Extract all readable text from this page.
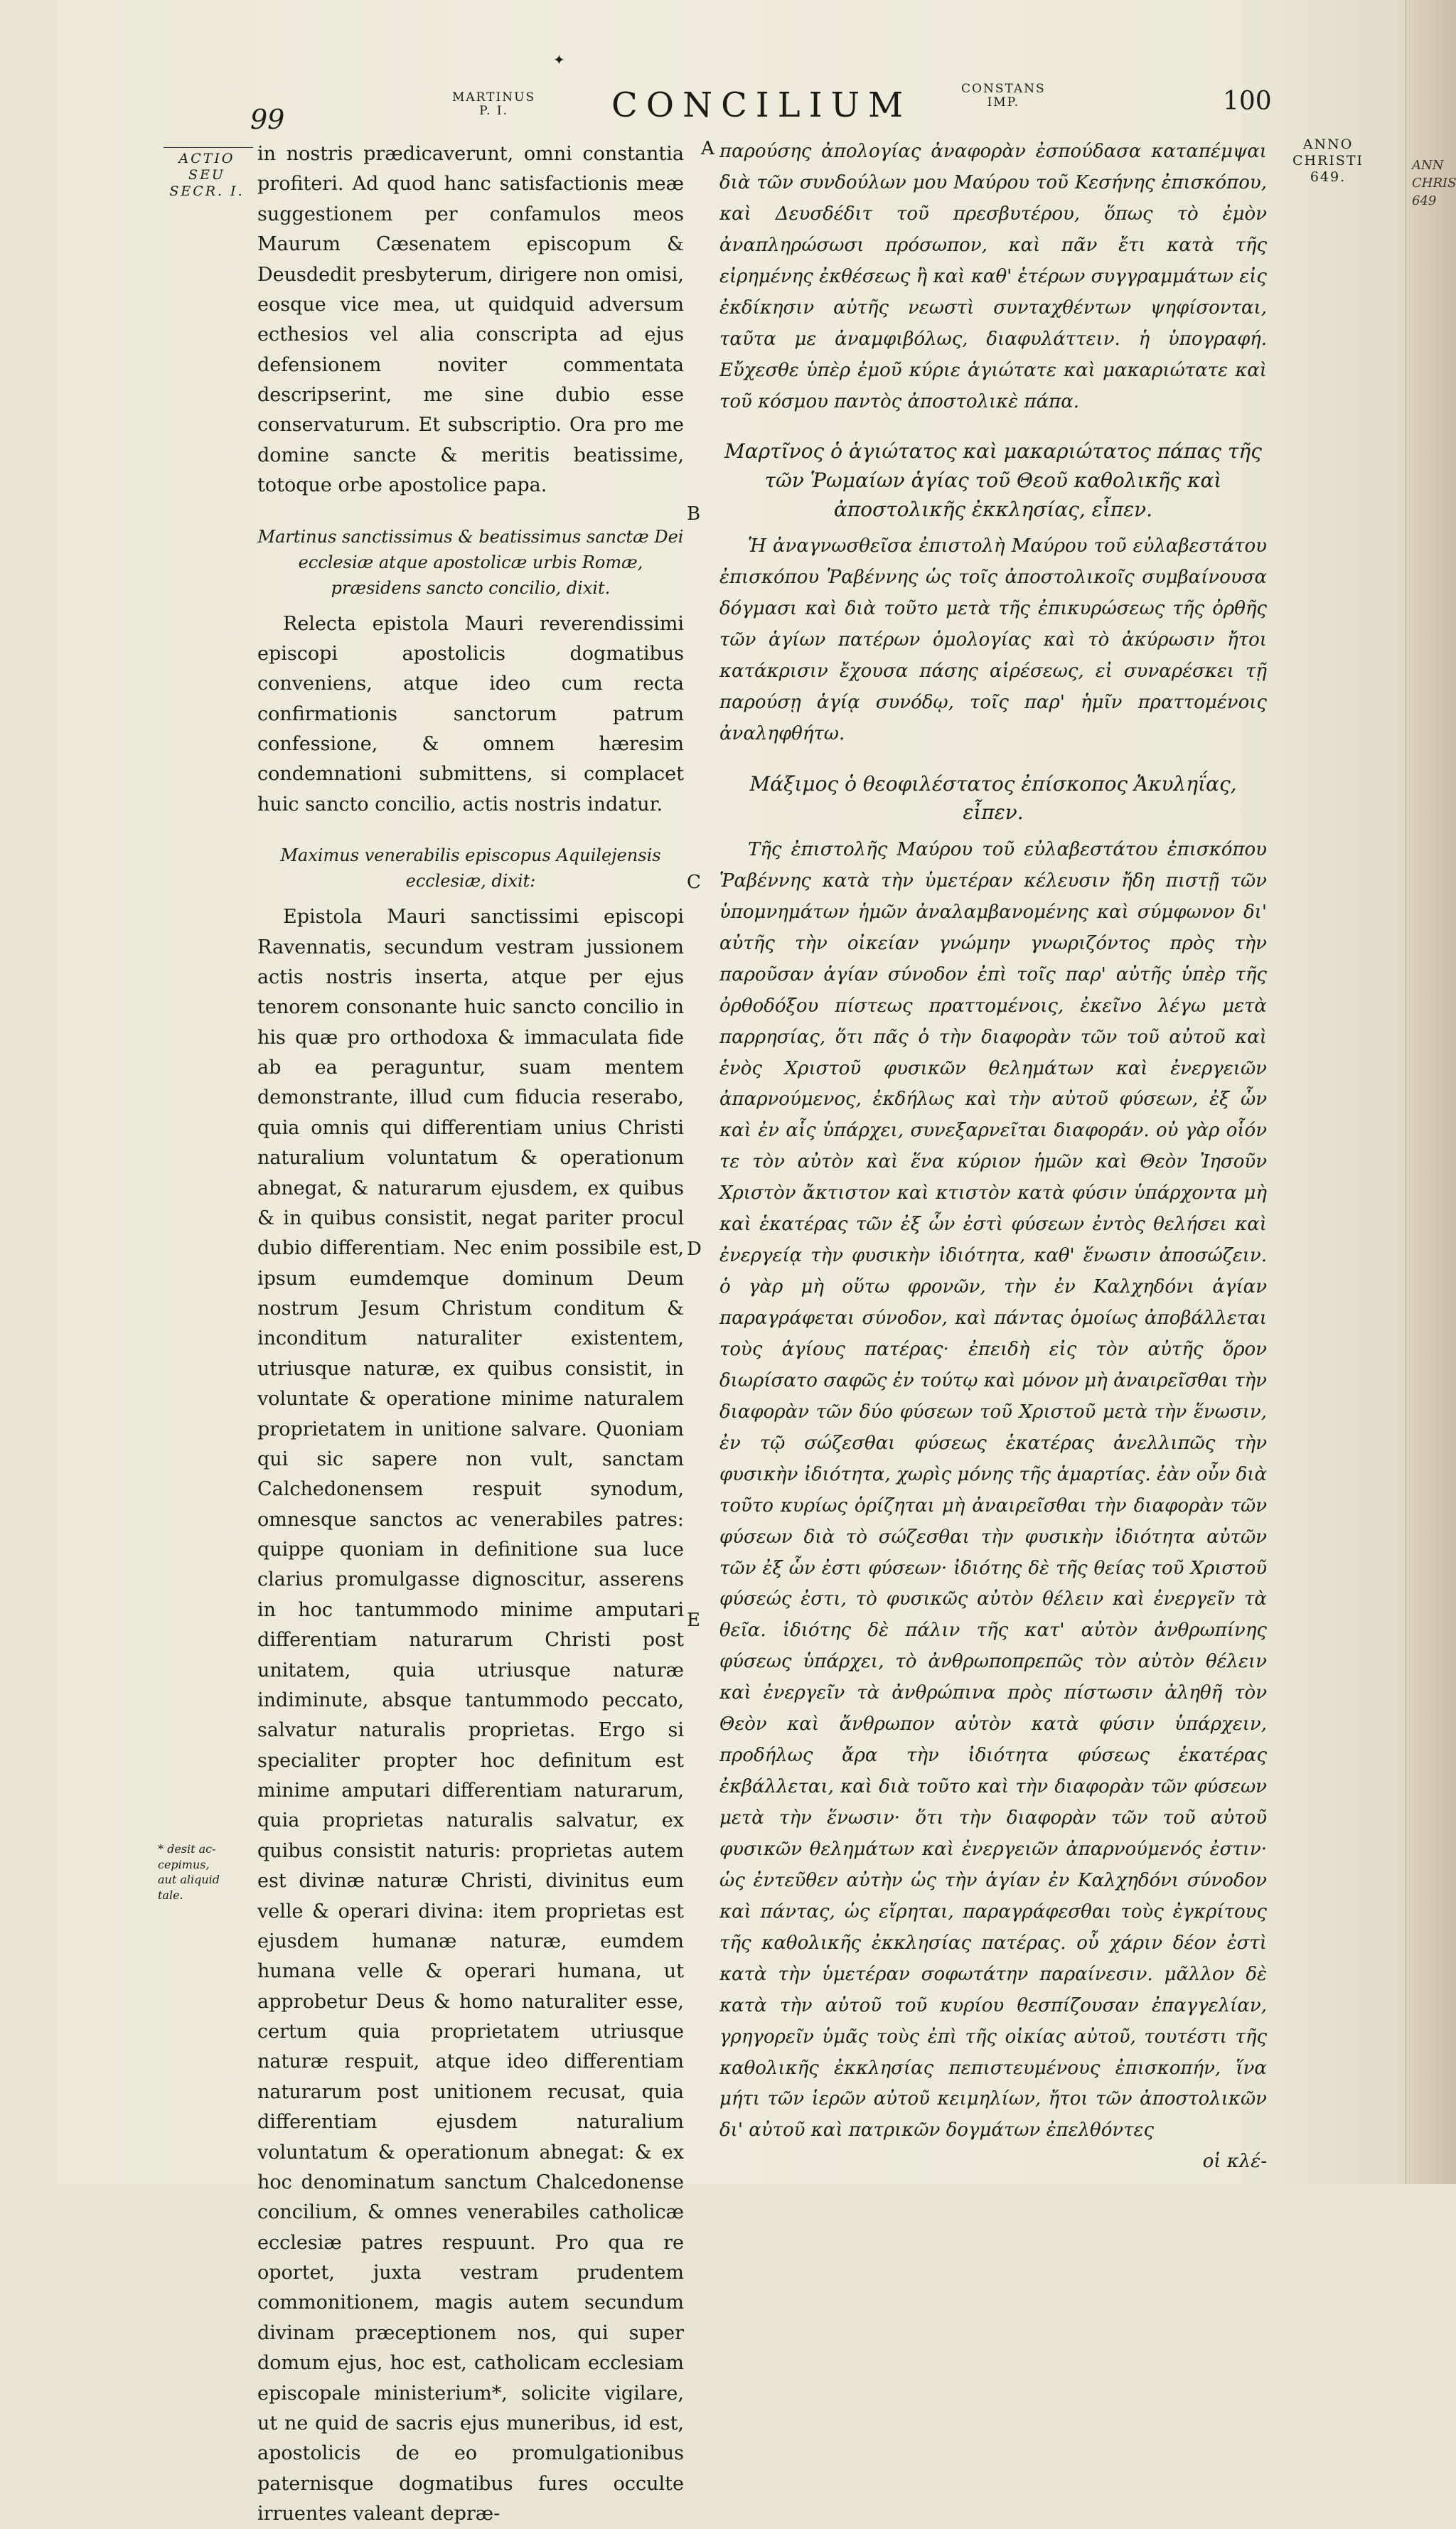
ANN
CHRIS
649
✦
99
MARTINUS
P. I.	CONCILIUM	CONSTANS
IMP.	100
ACTIO
SEU
SECR. I.
ANNO
CHRISTI
649.
* desit ac-
cepimus,
aut aliquid
tale.

in nostris prædicaverunt, omni constantia profiteri. Ad quod hanc satisfactionis meæ suggestionem per confamulos meos Maurum Cæsenatem episcopum & Deusdedit presbyterum, dirigere non omisi, eosque vice mea, ut quidquid adversum ecthesios vel alia conscripta ad ejus defensionem noviter commentata descripserint, me sine dubio esse conservaturum. Et subscriptio. Ora pro me domine sancte & meritis beatissime, totoque orbe apostolice papa.

Martinus sanctissimus & beatissimus sanctæ Dei ecclesiæ atque apostolicæ urbis Romæ, præsidens sancto concilio, dixit.

Relecta epistola Mauri reverendissimi episcopi apostolicis dogmatibus conveniens, atque ideo cum recta confirmationis sanctorum patrum confessione, & omnem hæresim condemnationi submittens, si complacet huic sancto concilio, actis nostris indatur.

Maximus venerabilis episcopus Aquilejensis ecclesiæ, dixit:

Epistola Mauri sanctissimi episcopi Ravennatis, secundum vestram jussionem actis nostris inserta, atque per ejus tenorem consonante huic sancto concilio in his quæ pro orthodoxa & immaculata fide ab ea peraguntur, suam mentem demonstrante, illud cum fiducia reserabo, quia omnis qui differentiam unius Christi naturalium voluntatum & operationum abnegat, & naturarum ejusdem, ex quibus & in quibus consistit, negat pariter procul dubio differentiam. Nec enim possibile est, ipsum eumdemque dominum Deum nostrum Jesum Christum conditum & inconditum naturaliter existentem, utriusque naturæ, ex quibus consistit, in voluntate & operatione minime naturalem proprietatem in unitione salvare. Quoniam qui sic sapere non vult, sanctam Calchedonensem respuit synodum, omnesque sanctos ac venerabiles patres: quippe quoniam in definitione sua luce clarius promulgasse dignoscitur, asserens in hoc tantummodo minime amputari differentiam naturarum Christi post unitatem, quia utriusque naturæ indiminute, absque tantummodo peccato, salvatur naturalis proprietas. Ergo si specialiter propter hoc definitum est minime amputari differentiam naturarum, quia proprietas naturalis salvatur, ex quibus consistit naturis: proprietas autem est divinæ naturæ Christi, divinitus eum velle & operari divina: item proprietas est ejusdem humanæ naturæ, eumdem humana velle & operari humana, ut approbetur Deus & homo naturaliter esse, certum quia proprietatem utriusque naturæ respuit, atque ideo differentiam naturarum post unitionem recusat, quia differentiam ejusdem naturalium voluntatum & operationum abnegat: & ex hoc denominatum sanctum Chalcedonense concilium, & omnes venerabiles catholicæ ecclesiæ patres respuunt. Pro qua re oportet, juxta vestram prudentem commonitionem, magis autem secundum divinam præceptionem nos, qui super domum ejus, hoc est, catholicam ecclesiam episcopale ministerium*, solicite vigilare, ut ne quid de sacris ejus muneribus, id est, apostolicis de eo promulgationibus paternisque dogmatibus fures occulte irruentes valeant depræ-

A
B
C
D
E

παρούσης ἀπολογίας ἀναφορὰν ἐσπούδασα καταπέμψαι διὰ τῶν συνδούλων μου Μαύρου τοῦ Κεσήνης ἐπισκόπου, καὶ Δευσδέδιτ τοῦ πρεσβυτέρου, ὅπως τὸ ἐμὸν ἀναπληρώσωσι πρόσωπον, καὶ πᾶν ἔτι κατὰ τῆς εἰρημένης ἐκθέσεως ἢ καὶ καθ' ἑτέρων συγγραμμάτων εἰς ἐκδίκησιν αὐτῆς νεωστὶ συνταχθέντων ψηφίσονται, ταῦτα με ἀναμφιβόλως, διαφυλάττειν. ἡ ὑπογραφή. Εὔχεσθε ὑπὲρ ἐμοῦ κύριε ἁγιώτατε καὶ μακαριώτατε καὶ τοῦ κόσμου παντὸς ἀποστολικὲ πάπα.

Μαρτῖνος ὁ ἁγιώτατος καὶ μακαριώτατος πάπας τῆς τῶν Ῥωμαίων ἁγίας τοῦ Θεοῦ καθολικῆς καὶ ἀποστολικῆς ἐκκλησίας, εἶπεν.

Ἡ ἀναγνωσθεῖσα ἐπιστολὴ Μαύρου τοῦ εὐλαβεστάτου ἐπισκόπου Ῥαβέννης ὡς τοῖς ἀποστολικοῖς συμβαίνουσα δόγμασι καὶ διὰ τοῦτο μετὰ τῆς ἐπικυρώσεως τῆς ὀρθῆς τῶν ἁγίων πατέρων ὁμολογίας καὶ τὸ ἀκύρωσιν ἤτοι κατάκρισιν ἔχουσα πάσης αἱρέσεως, εἰ συναρέσκει τῇ παρούσῃ ἁγίᾳ συνόδῳ, τοῖς παρ' ἡμῖν πραττομένοις ἀναληφθήτω.

Μάξιμος ὁ θεοφιλέστατος ἐπίσκοπος Ἀκυληΐας, εἶπεν.

Τῆς ἐπιστολῆς Μαύρου τοῦ εὐλαβεστάτου ἐπισκόπου Ῥαβέννης κατὰ τὴν ὑμετέραν κέλευσιν ἤδη πιστῇ τῶν ὑπομνημάτων ἡμῶν ἀναλαμβανομένης καὶ σύμφωνον δι' αὐτῆς τὴν οἰκείαν γνώμην γνωριζόντος πρὸς τὴν παροῦσαν ἁγίαν σύνοδον ἐπὶ τοῖς παρ' αὐτῆς ὑπὲρ τῆς ὀρθοδόξου πίστεως πραττομένοις, ἐκεῖνο λέγω μετὰ παρρησίας, ὅτι πᾶς ὁ τὴν διαφορὰν τῶν τοῦ αὐτοῦ καὶ ἑνὸς Χριστοῦ φυσικῶν θελημάτων καὶ ἐνεργειῶν ἀπαρνούμενος, ἐκδήλως καὶ τὴν αὐτοῦ φύσεων, ἐξ ὧν καὶ ἐν αἷς ὑπάρχει, συνεξαρνεῖται διαφοράν. οὐ γὰρ οἷόν τε τὸν αὐτὸν καὶ ἕνα κύριον ἡμῶν καὶ Θεὸν Ἰησοῦν Χριστὸν ἄκτιστον καὶ κτιστὸν κατὰ φύσιν ὑπάρχοντα μὴ καὶ ἑκατέρας τῶν ἐξ ὧν ἐστὶ φύσεων ἐντὸς θελήσει καὶ ἐνεργείᾳ τὴν φυσικὴν ἰδιότητα, καθ' ἕνωσιν ἀποσώζειν. ὁ γὰρ μὴ οὕτω φρονῶν, τὴν ἐν Καλχηδόνι ἁγίαν παραγράφεται σύνοδον, καὶ πάντας ὁμοίως ἀποβάλλεται τοὺς ἁγίους πατέρας· ἐπειδὴ εἰς τὸν αὐτῆς ὅρον διωρίσατο σαφῶς ἐν τούτῳ καὶ μόνον μὴ ἀναιρεῖσθαι τὴν διαφορὰν τῶν δύο φύσεων τοῦ Χριστοῦ μετὰ τὴν ἕνωσιν, ἐν τῷ σώζεσθαι φύσεως ἑκατέρας ἀνελλιπῶς τὴν φυσικὴν ἰδιότητα, χωρὶς μόνης τῆς ἁμαρτίας. ἐὰν οὖν διὰ τοῦτο κυρίως ὁρίζηται μὴ ἀναιρεῖσθαι τὴν διαφορὰν τῶν φύσεων διὰ τὸ σώζεσθαι τὴν φυσικὴν ἰδιότητα αὐτῶν τῶν ἐξ ὧν ἐστι φύσεων· ἰδιότης δὲ τῆς θείας τοῦ Χριστοῦ φύσεώς ἐστι, τὸ φυσικῶς αὐτὸν θέλειν καὶ ἐνεργεῖν τὰ θεῖα. ἰδιότης δὲ πάλιν τῆς κατ' αὐτὸν ἀνθρωπίνης φύσεως ὑπάρχει, τὸ ἀνθρωποπρεπῶς τὸν αὐτὸν θέλειν καὶ ἐνεργεῖν τὰ ἀνθρώπινα πρὸς πίστωσιν ἀληθῆ τὸν Θεὸν καὶ ἄνθρωπον αὐτὸν κατὰ φύσιν ὑπάρχειν, προδήλως ἄρα τὴν ἰδιότητα φύσεως ἑκατέρας ἐκβάλλεται, καὶ διὰ τοῦτο καὶ τὴν διαφορὰν τῶν φύσεων μετὰ τὴν ἕνωσιν· ὅτι τὴν διαφορὰν τῶν τοῦ αὐτοῦ φυσικῶν θελημάτων καὶ ἐνεργειῶν ἀπαρνούμενός ἐστιν· ὡς ἐντεῦθεν αὐτὴν ὡς τὴν ἁγίαν ἐν Καλχηδόνι σύνοδον καὶ πάντας, ὡς εἴρηται, παραγράφεσθαι τοὺς ἐγκρίτους τῆς καθολικῆς ἐκκλησίας πατέρας. οὗ χάριν δέον ἐστὶ κατὰ τὴν ὑμετέραν σοφωτάτην παραίνεσιν. μᾶλλον δὲ κατὰ τὴν αὐτοῦ τοῦ κυρίου θεσπίζουσαν ἐπαγγελίαν, γρηγορεῖν ὑμᾶς τοὺς ἐπὶ τῆς οἰκίας αὐτοῦ, τουτέστι τῆς καθολικῆς ἐκκλησίας πεπιστευμένους ἐπισκοπήν, ἵνα μήτι τῶν ἱερῶν αὐτοῦ κειμηλίων, ἤτοι τῶν ἀποστολικῶν δι' αὐτοῦ καὶ πατρικῶν δογμάτων ἐπελθόντες

οἱ κλέ-
